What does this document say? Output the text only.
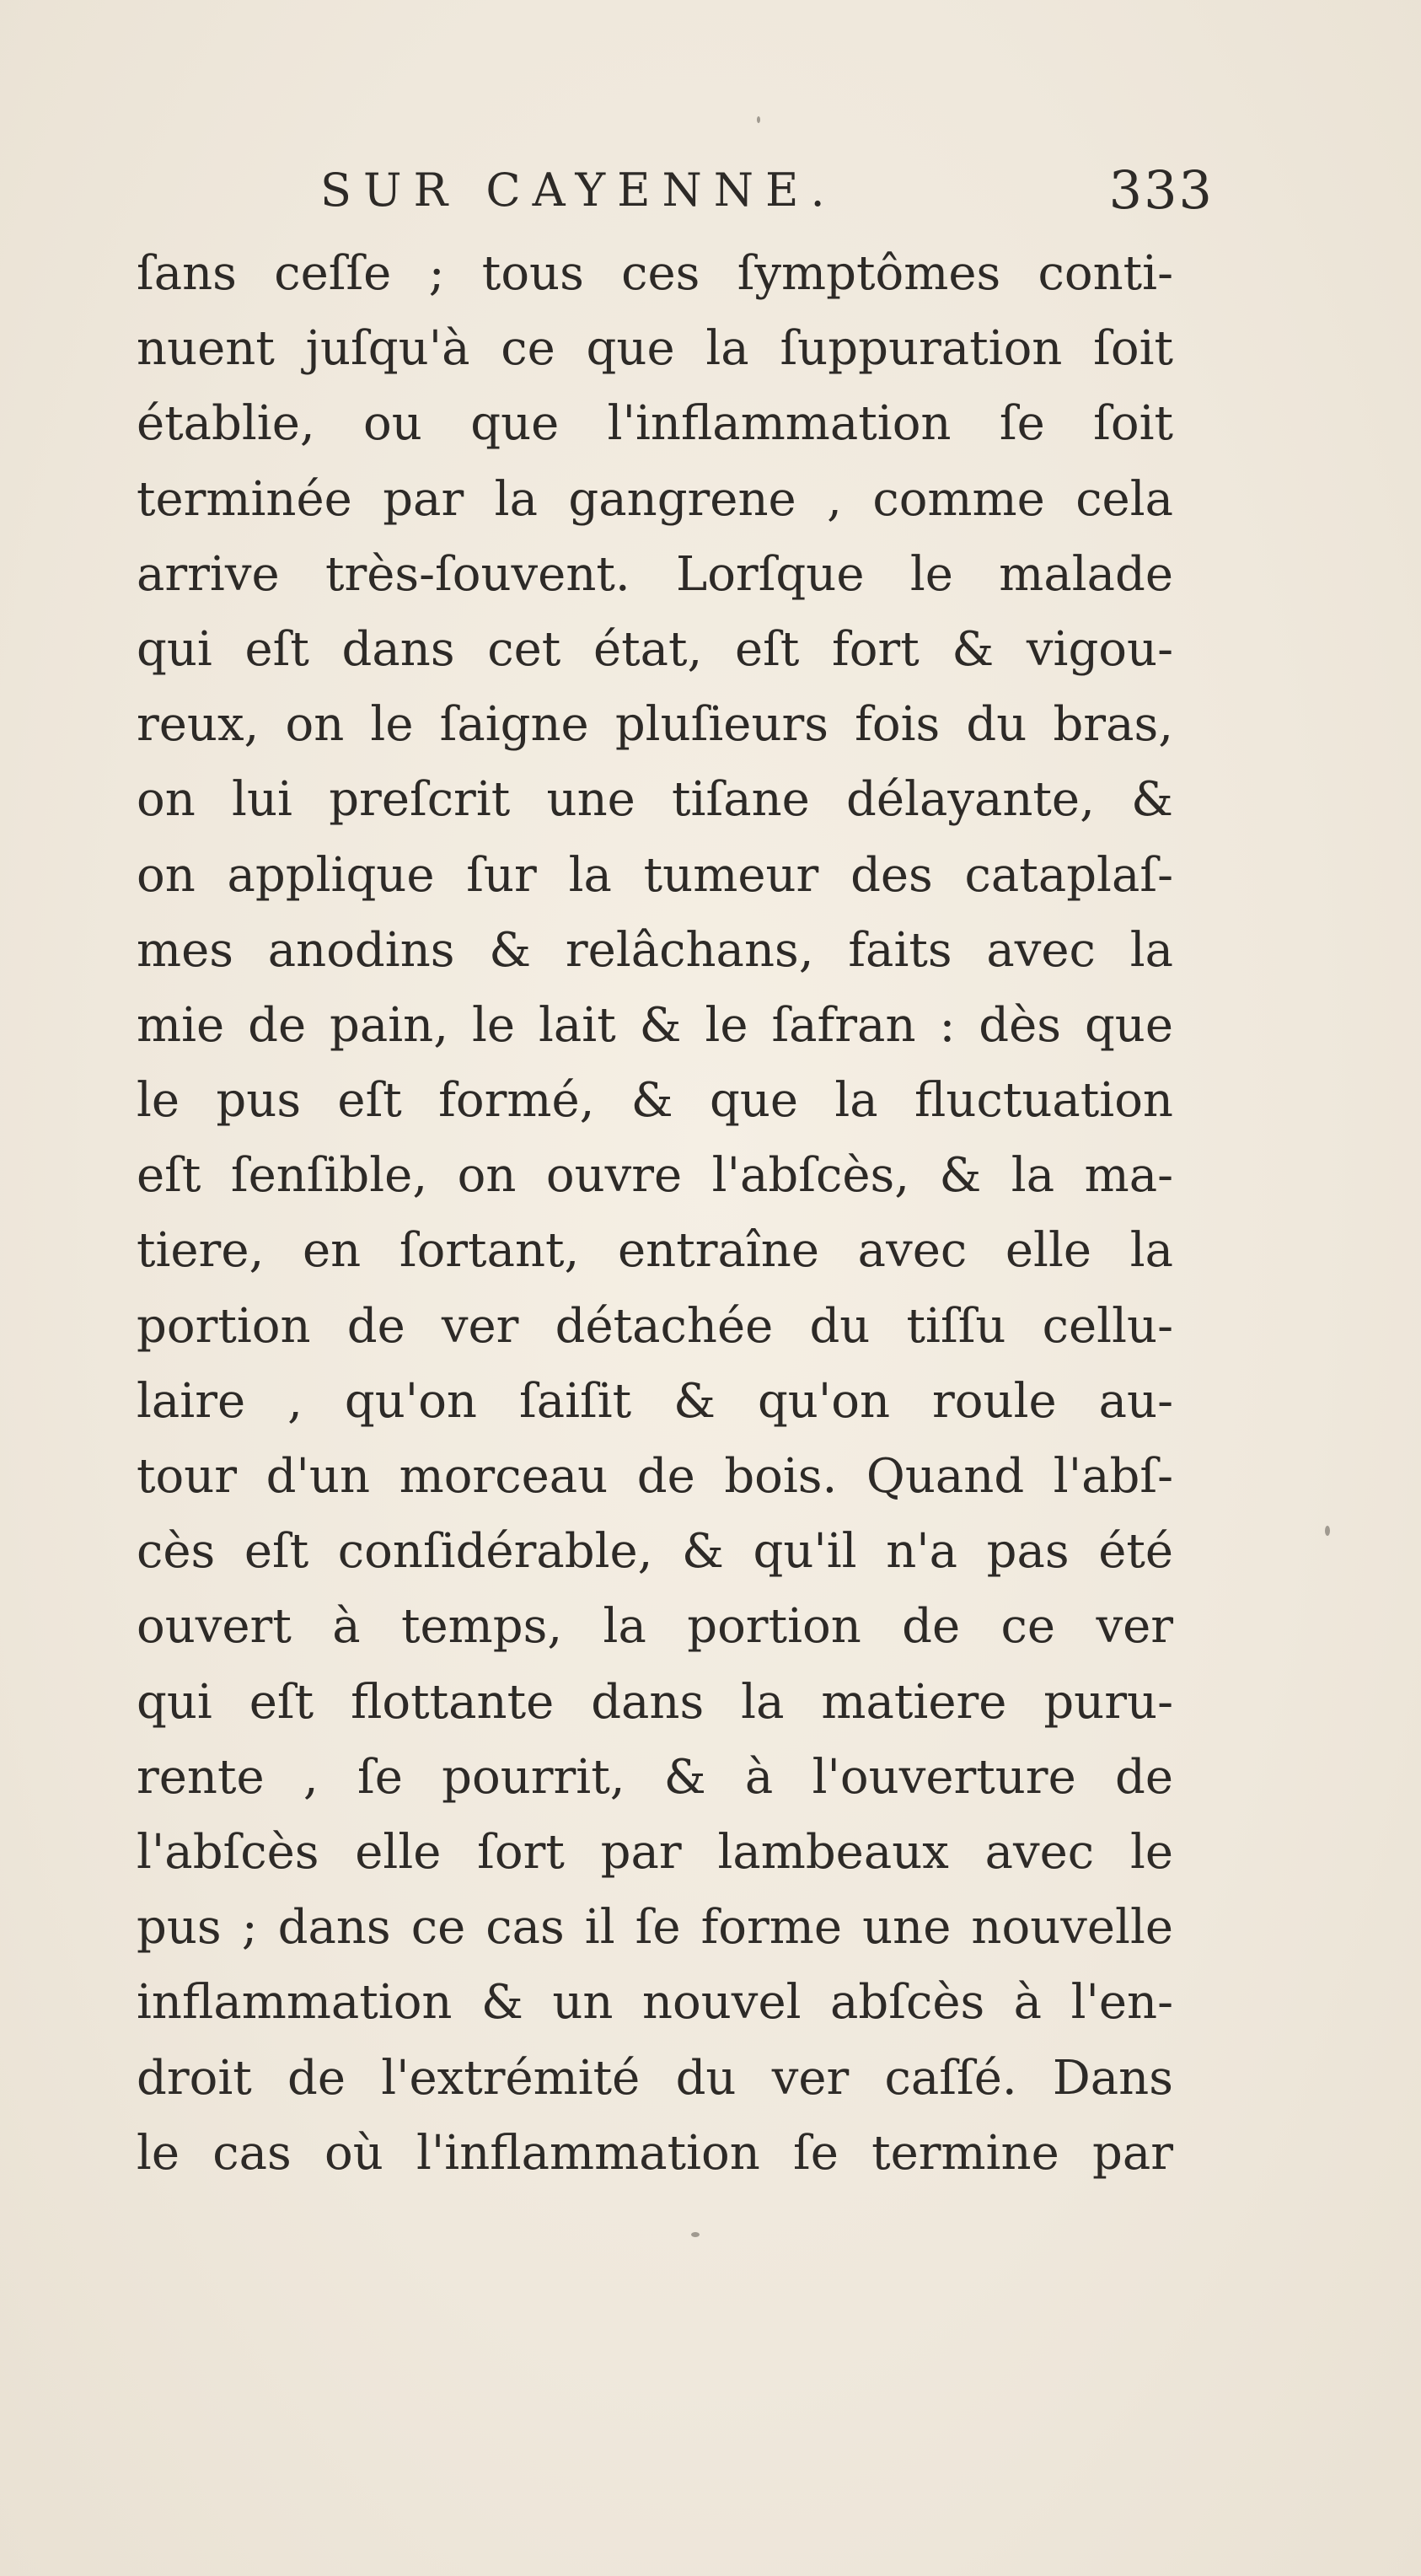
SUR CAYENNE.	333
ſans ceſſe ; tous ces ſymptômes conti-
nuent juſqu'à ce que la ſuppuration ſoit
établie, ou que l'inflammation ſe ſoit
terminée par la gangrene , comme cela
arrive très-ſouvent. Lorſque le malade
qui eſt dans cet état, eſt fort & vigou-
reux, on le ſaigne pluſieurs fois du bras,
on lui preſcrit une tiſane délayante, &
on applique ſur la tumeur des cataplaſ-
mes anodins & relâchans, faits avec la
mie de pain, le lait & le ſafran : dès que
le pus eſt formé, & que la fluctuation
eſt ſenſible, on ouvre l'abſcès, & la ma-
tiere, en ſortant, entraîne avec elle la
portion de ver détachée du tiſſu cellu-
laire , qu'on ſaiſit & qu'on roule au-
tour d'un morceau de bois. Quand l'abſ-
cès eſt conſidérable, & qu'il n'a pas été
ouvert à temps, la portion de ce ver
qui eſt flottante dans la matiere puru-
rente , ſe pourrit, & à l'ouverture de
l'abſcès elle ſort par lambeaux avec le
pus ; dans ce cas il ſe forme une nouvelle
inflammation & un nouvel abſcès à l'en-
droit de l'extrémité du ver caſſé. Dans
le cas où l'inflammation ſe termine par
